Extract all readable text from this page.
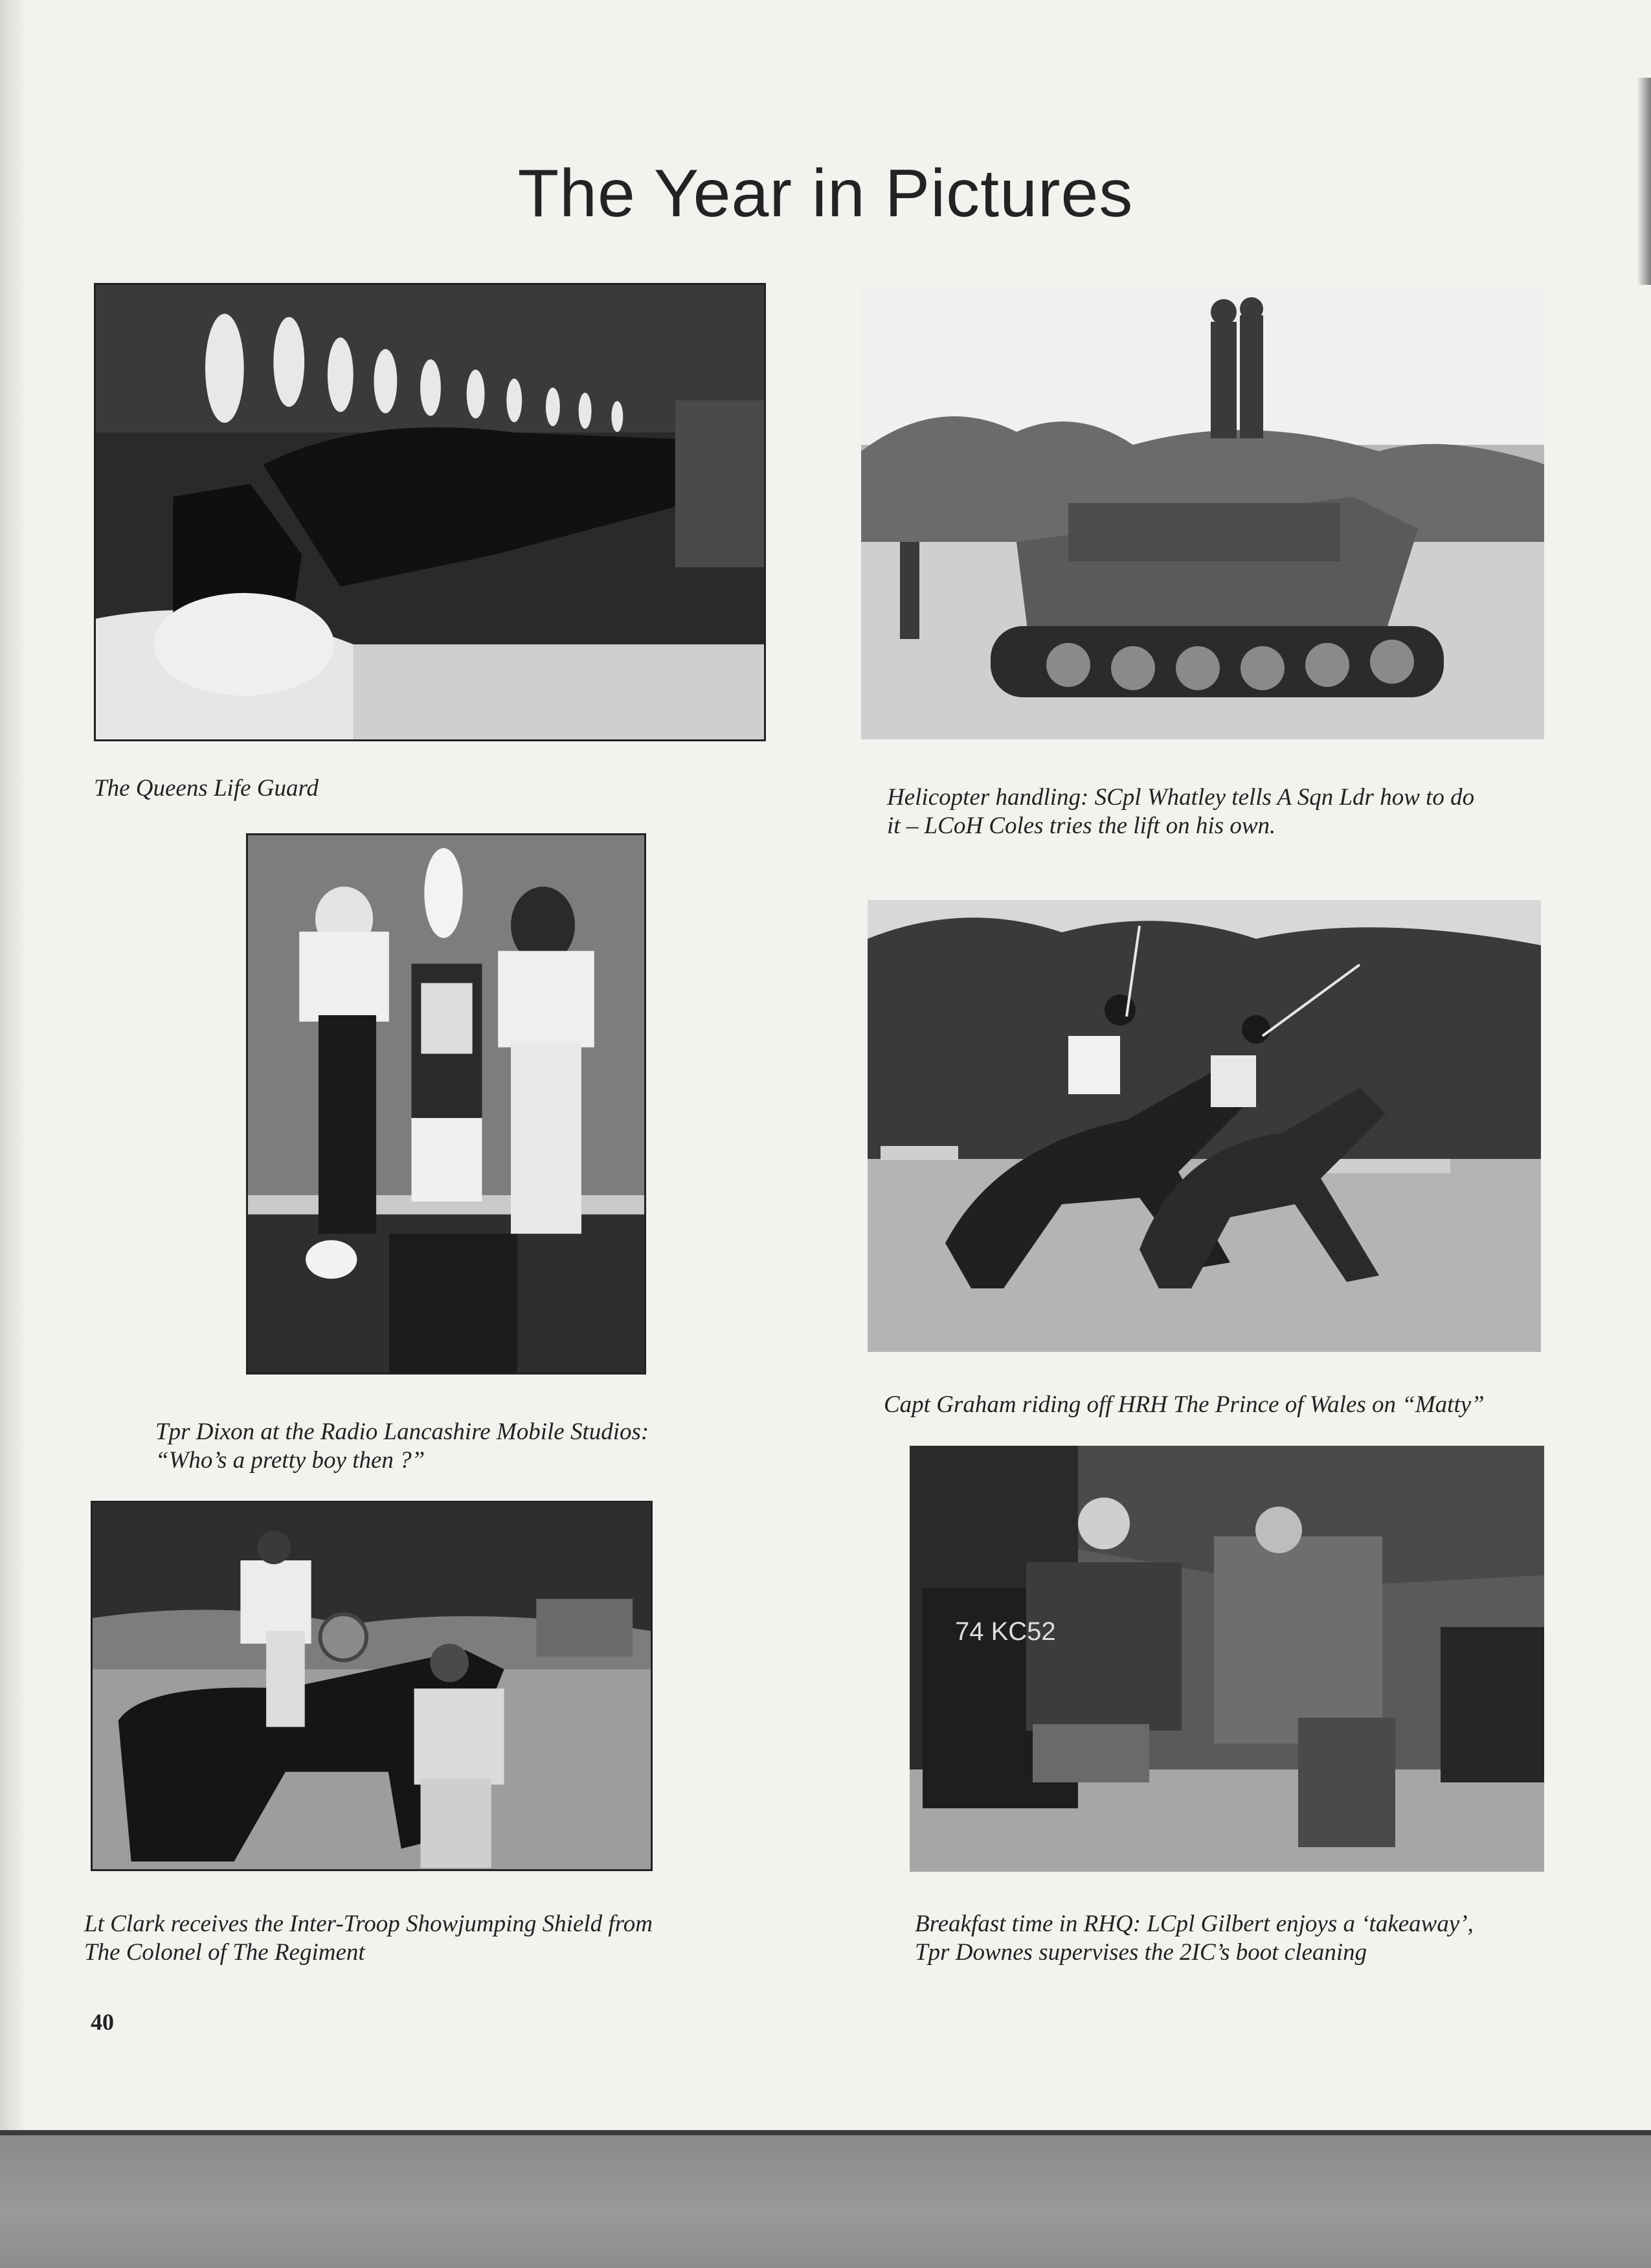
The Year in Pictures

The Queens Life Guard	Helicopter handling: SCpl Whatley tells A Sqn Ldr how to do
it – LCoH Coles tries the lift on his own.
Tpr Dixon at the Radio Lancashire Mobile Studios:
“Who’s a pretty boy then ?”

Capt Graham riding off HRH The Prince of Wales on “Matty”

74 KC52
Lt Clark receives the Inter-Troop Showjumping Shield from
The Colonel of The Regiment
Breakfast time in RHQ: LCpl Gilbert enjoys a ‘takeaway’,
Tpr Downes supervises the 2IC’s boot cleaning
40
